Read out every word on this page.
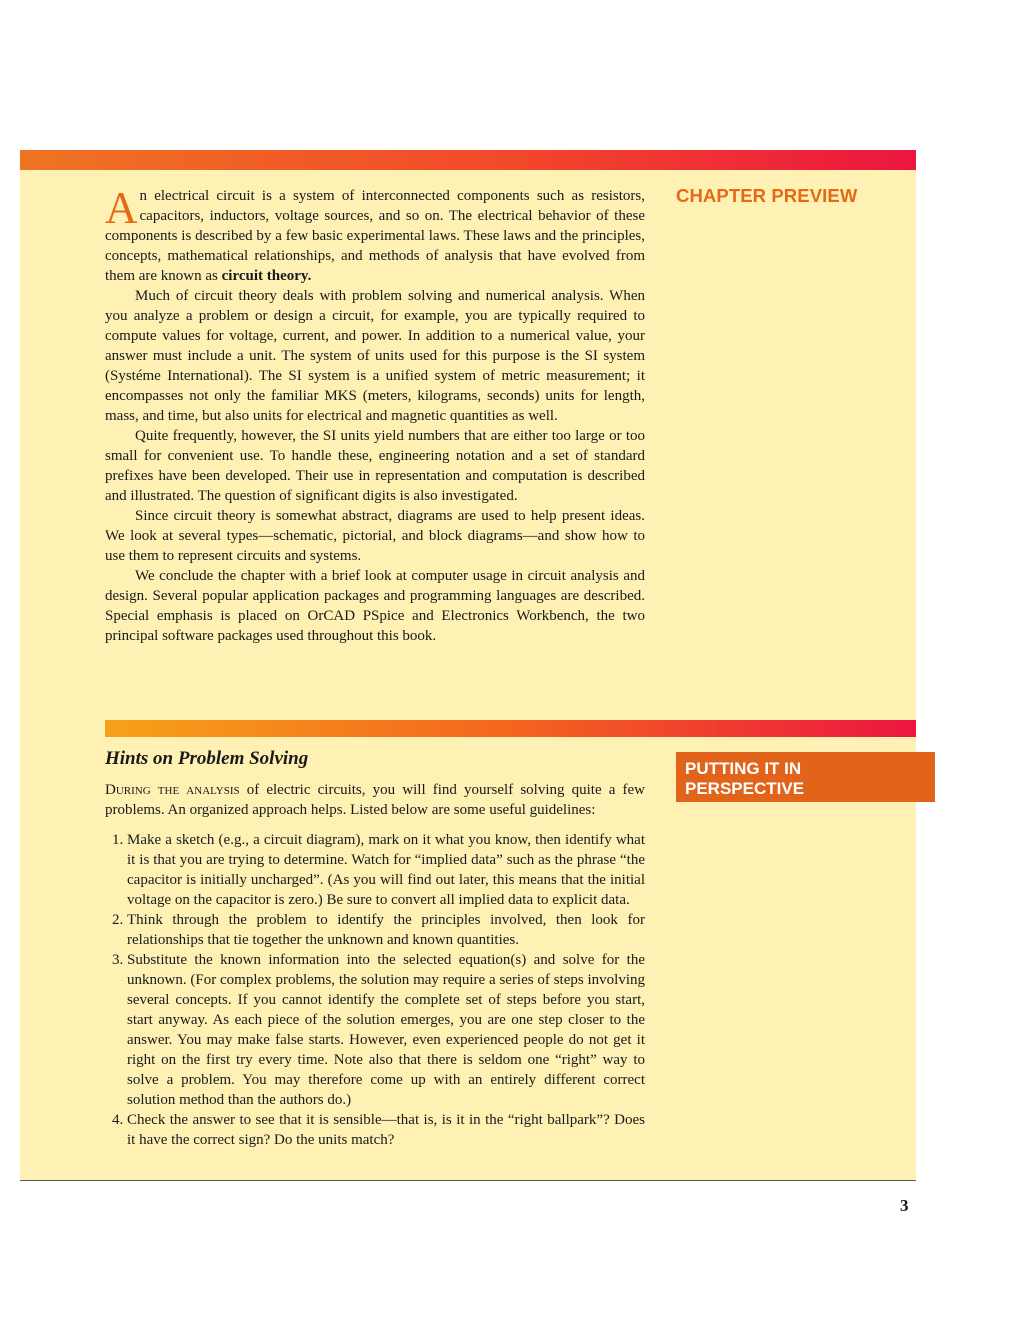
CHAPTER PREVIEW
PUTTING IT IN
PERSPECTIVE

An electrical circuit is a system of interconnected components such as resistors, capacitors, inductors, voltage sources, and so on. The electrical behavior of these components is described by a few basic experimental laws. These laws and the principles, concepts, mathematical relationships, and methods of analysis that have evolved from them are known as circuit theory.

Much of circuit theory deals with problem solving and numerical analysis. When you analyze a problem or design a circuit, for example, you are typically required to compute values for voltage, current, and power. In addition to a numerical value, your answer must include a unit. The system of units used for this purpose is the SI system (Systéme International). The SI system is a unified system of metric measurement; it encompasses not only the familiar MKS (meters, kilograms, seconds) units for length, mass, and time, but also units for electrical and magnetic quantities as well.

Quite frequently, however, the SI units yield numbers that are either too large or too small for convenient use. To handle these, engineering notation and a set of standard prefixes have been developed. Their use in representation and computation is described and illustrated. The question of significant digits is also investigated.

Since circuit theory is somewhat abstract, diagrams are used to help present ideas. We look at several types—schematic, pictorial, and block diagrams—and show how to use them to represent circuits and systems.

We conclude the chapter with a brief look at computer usage in circuit analysis and design. Several popular application packages and programming languages are described. Special emphasis is placed on OrCAD PSpice and Electronics Workbench, the two principal software packages used throughout this book.

Hints on Problem Solving

During the analysis of electric circuits, you will find yourself solving quite a few problems. An organized approach helps. Listed below are some useful guidelines:

1. Make a sketch (e.g., a circuit diagram), mark on it what you know, then identify what it is that you are trying to determine. Watch for “implied data” such as the phrase “the capacitor is initially uncharged”. (As you will find out later, this means that the initial voltage on the capacitor is zero.) Be sure to convert all implied data to explicit data.
2. Think through the problem to identify the principles involved, then look for relationships that tie together the unknown and known quantities.
3. Substitute the known information into the selected equation(s) and solve for the unknown. (For complex problems, the solution may require a series of steps involving several concepts. If you cannot identify the complete set of steps before you start, start anyway. As each piece of the solution emerges, you are one step closer to the answer. You may make false starts. However, even experienced people do not get it right on the first try every time. Note also that there is seldom one “right” way to solve a problem. You may therefore come up with an entirely different correct solution method than the authors do.)
4. Check the answer to see that it is sensible—that is, is it in the “right ballpark”? Does it have the correct sign? Do the units match?
3
